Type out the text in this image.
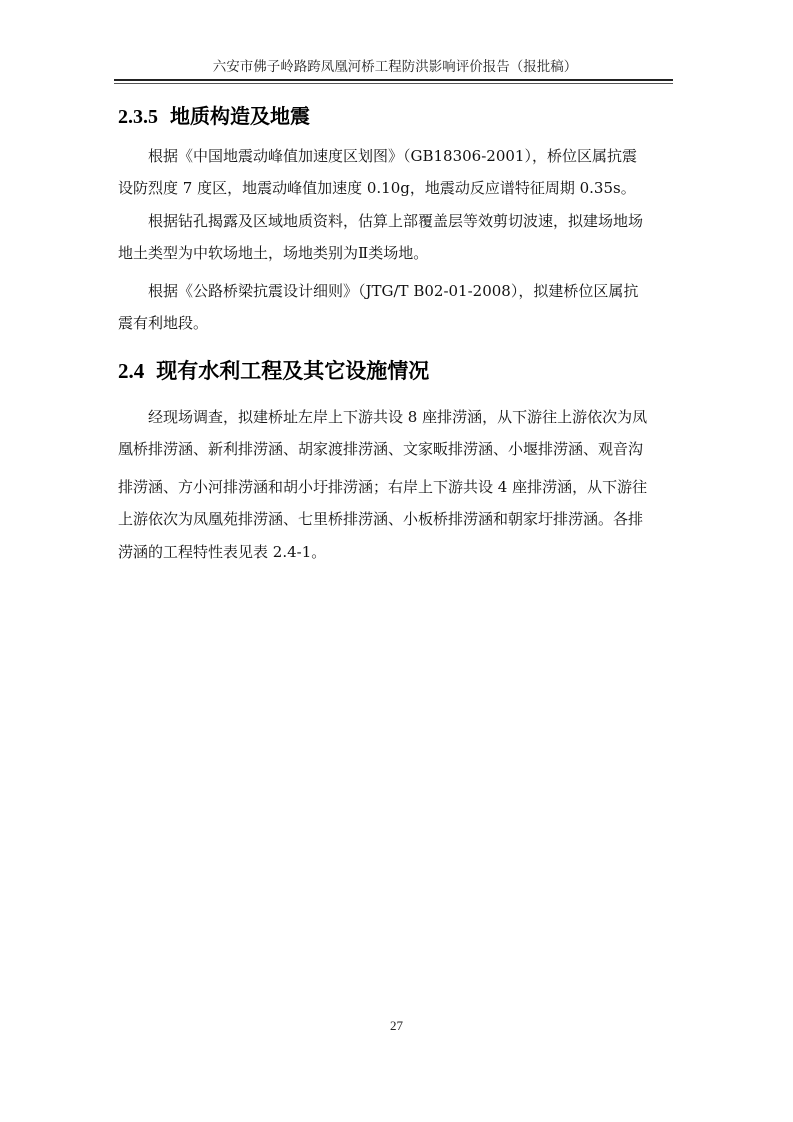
六安市佛子岭路跨凤凰河桥工程防洪影响评价报告（报批稿）
2.3.5 地质构造及地震
　　根据《中国地震动峰值加速度区划图》（GB18306-2001），桥位区属抗震
设防烈度 7 度区，地震动峰值加速度 0.10g，地震动反应谱特征周期 0.35s。
　　根据钻孔揭露及区域地质资料，估算上部覆盖层等效剪切波速，拟建场地场
地土类型为中软场地土，场地类别为Ⅱ类场地。
　　根据《公路桥梁抗震设计细则》（JTG/T B02-01-2008），拟建桥位区属抗
震有利地段。
2.4 现有水利工程及其它设施情况
　　经现场调查，拟建桥址左岸上下游共设 8 座排涝涵，从下游往上游依次为凤
凰桥排涝涵、新利排涝涵、胡家渡排涝涵、文家畈排涝涵、小堰排涝涵、观音沟
排涝涵、方小河排涝涵和胡小圩排涝涵；右岸上下游共设 4 座排涝涵，从下游往
上游依次为凤凰苑排涝涵、七里桥排涝涵、小板桥排涝涵和朝家圩排涝涵。各排
涝涵的工程特性表见表 2.4-1。
27
